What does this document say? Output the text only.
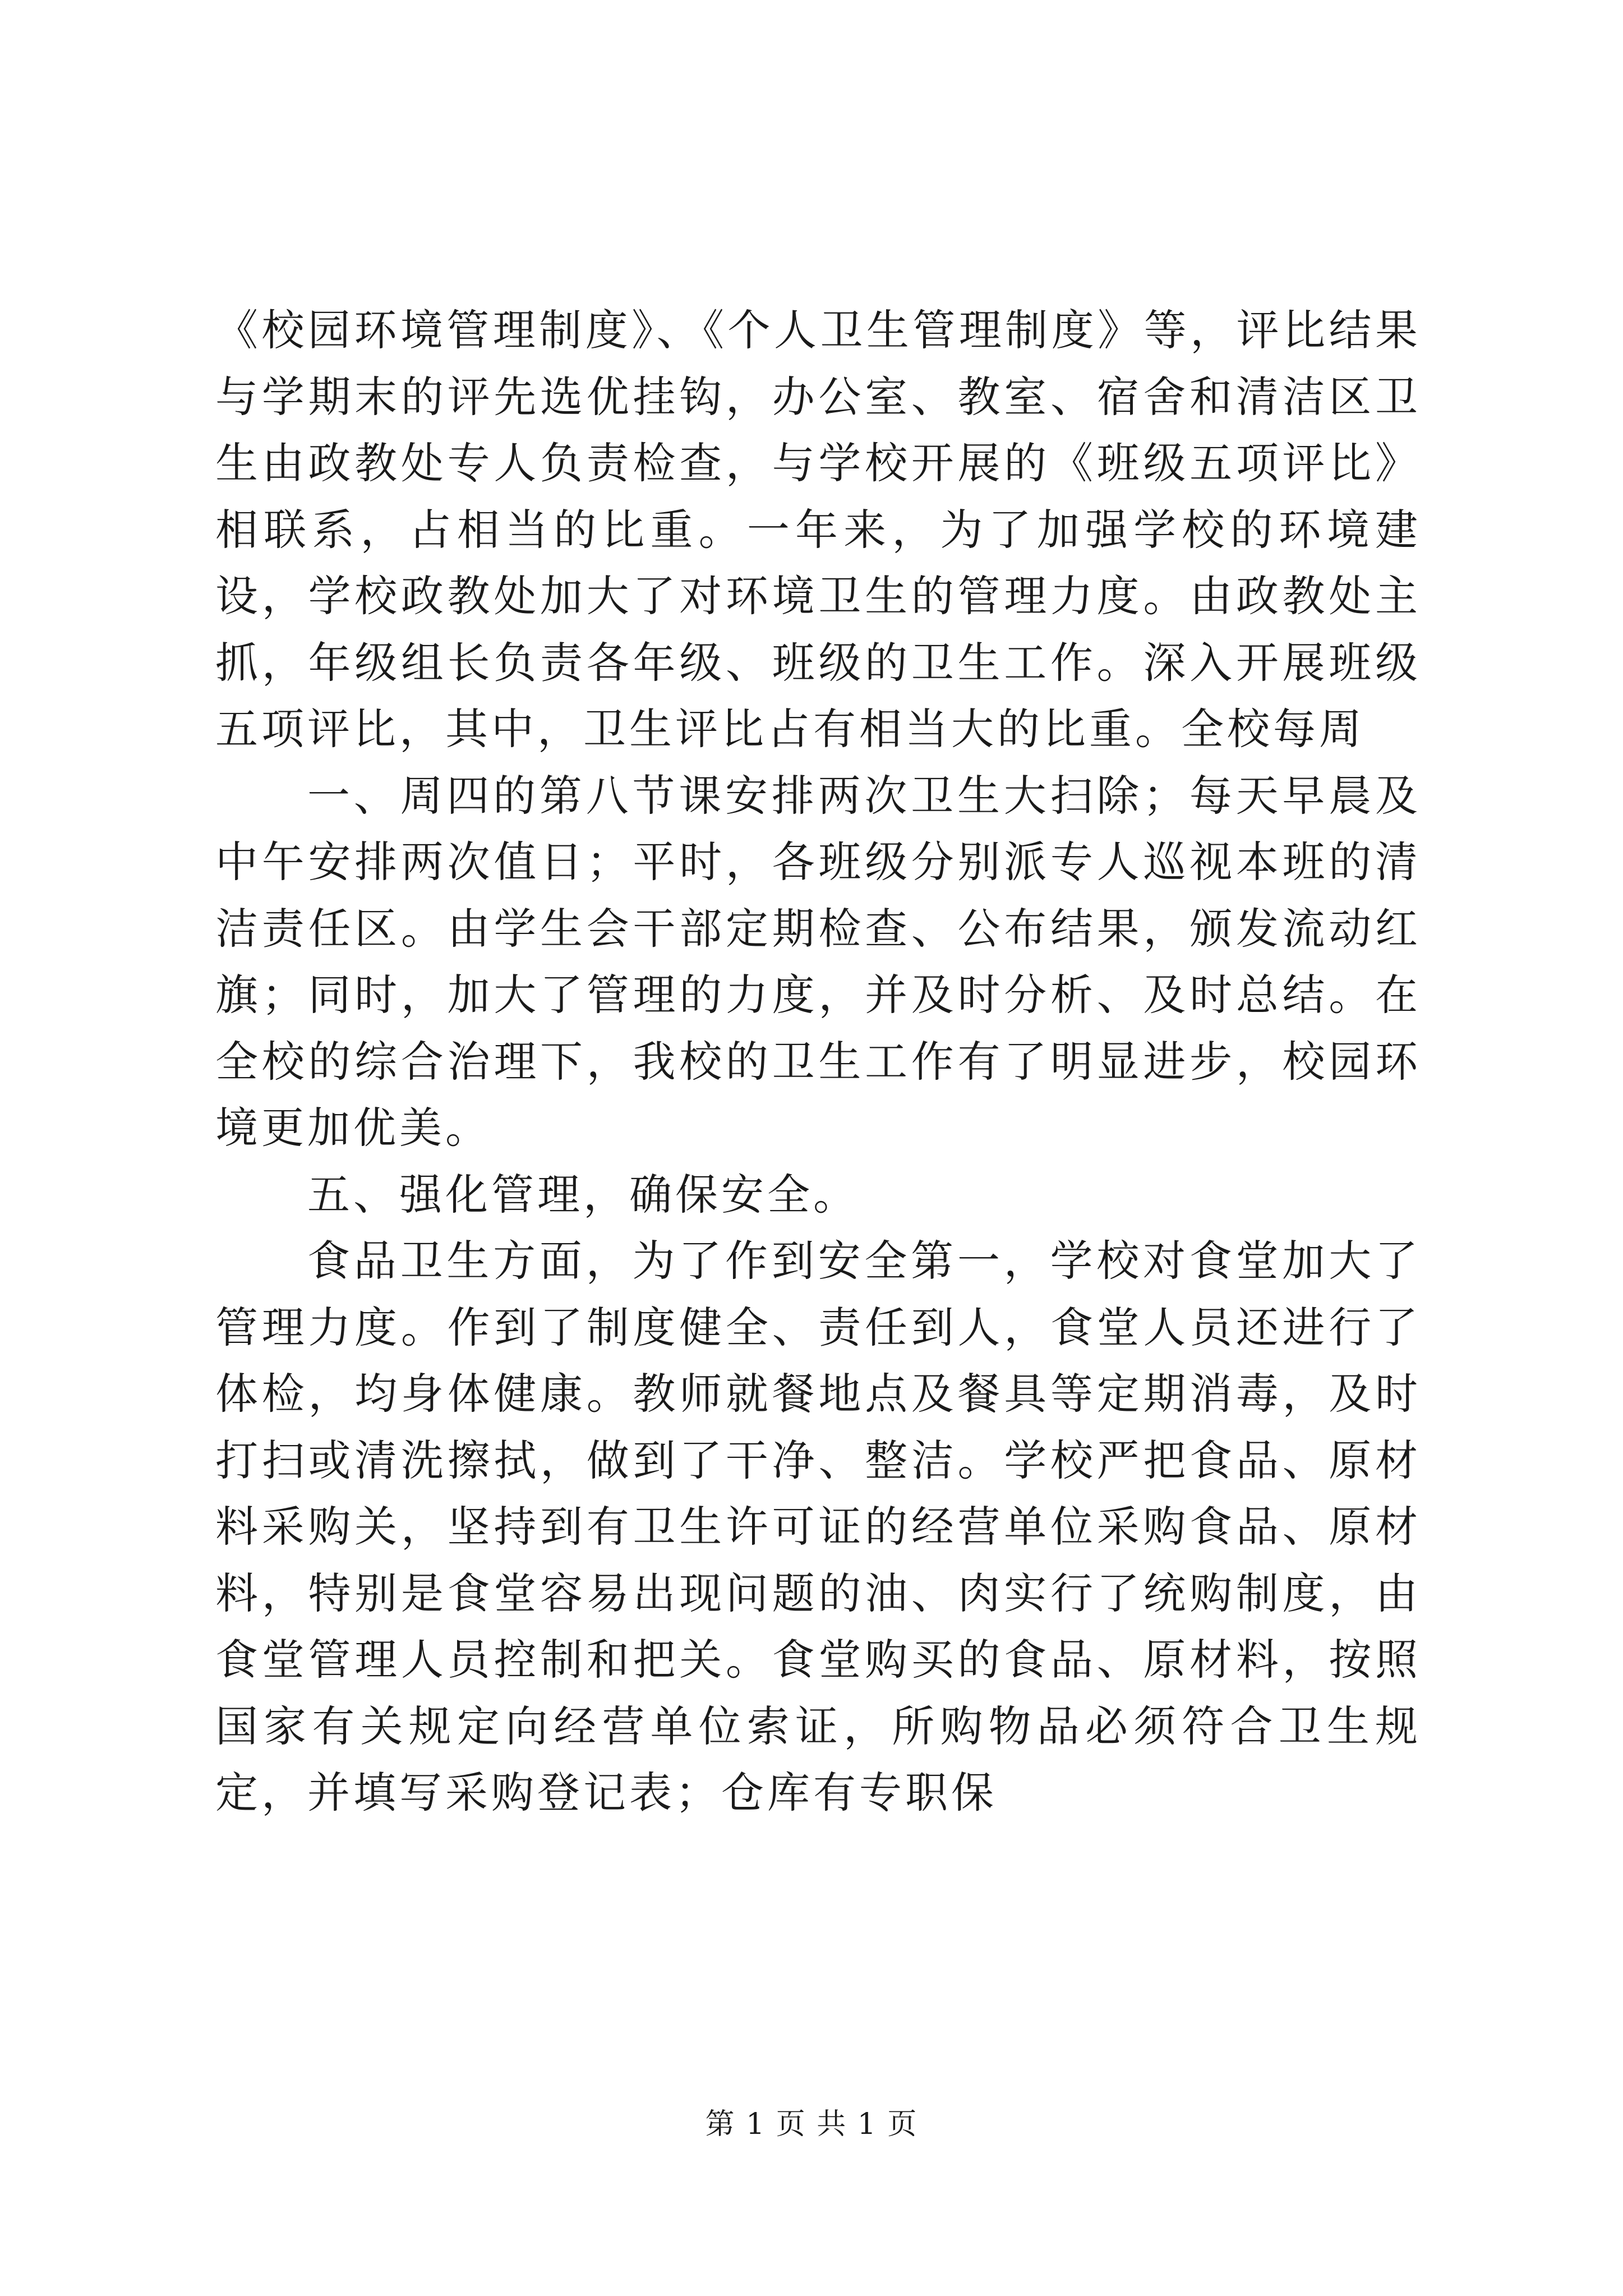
《校园环境管理制度》、《个人卫生管理制度》等，评比结果与学期末的评先选优挂钩，办公室、教室、宿舍和清洁区卫生由政教处专人负责检查，与学校开展的《班级五项评比》相联系，占相当的比重。一年来，为了加强学校的环境建设，学校政教处加大了对环境卫生的管理力度。由政教处主抓，年级组长负责各年级、班级的卫生工作。深入开展班级五项评比，其中，卫生评比占有相当大的比重。全校每周

一、周四的第八节课安排两次卫生大扫除；每天早晨及中午安排两次值日；平时，各班级分别派专人巡视本班的清洁责任区。由学生会干部定期检查、公布结果，颁发流动红旗；同时，加大了管理的力度，并及时分析、及时总结。在全校的综合治理下，我校的卫生工作有了明显进步，校园环境更加优美。

五、强化管理，确保安全。

食品卫生方面，为了作到安全第一，学校对食堂加大了管理力度。作到了制度健全、责任到人，食堂人员还进行了体检，均身体健康。教师就餐地点及餐具等定期消毒，及时打扫或清洗擦拭，做到了干净、整洁。学校严把食品、原材料采购关，坚持到有卫生许可证的经营单位采购食品、原材料，特别是食堂容易出现问题的油、肉实行了统购制度，由食堂管理人员控制和把关。食堂购买的食品、原材料，按照国家有关规定向经营单位索证，所购物品必须符合卫生规定，并填写采购登记表；仓库有专职保

第 1 页 共 1 页
